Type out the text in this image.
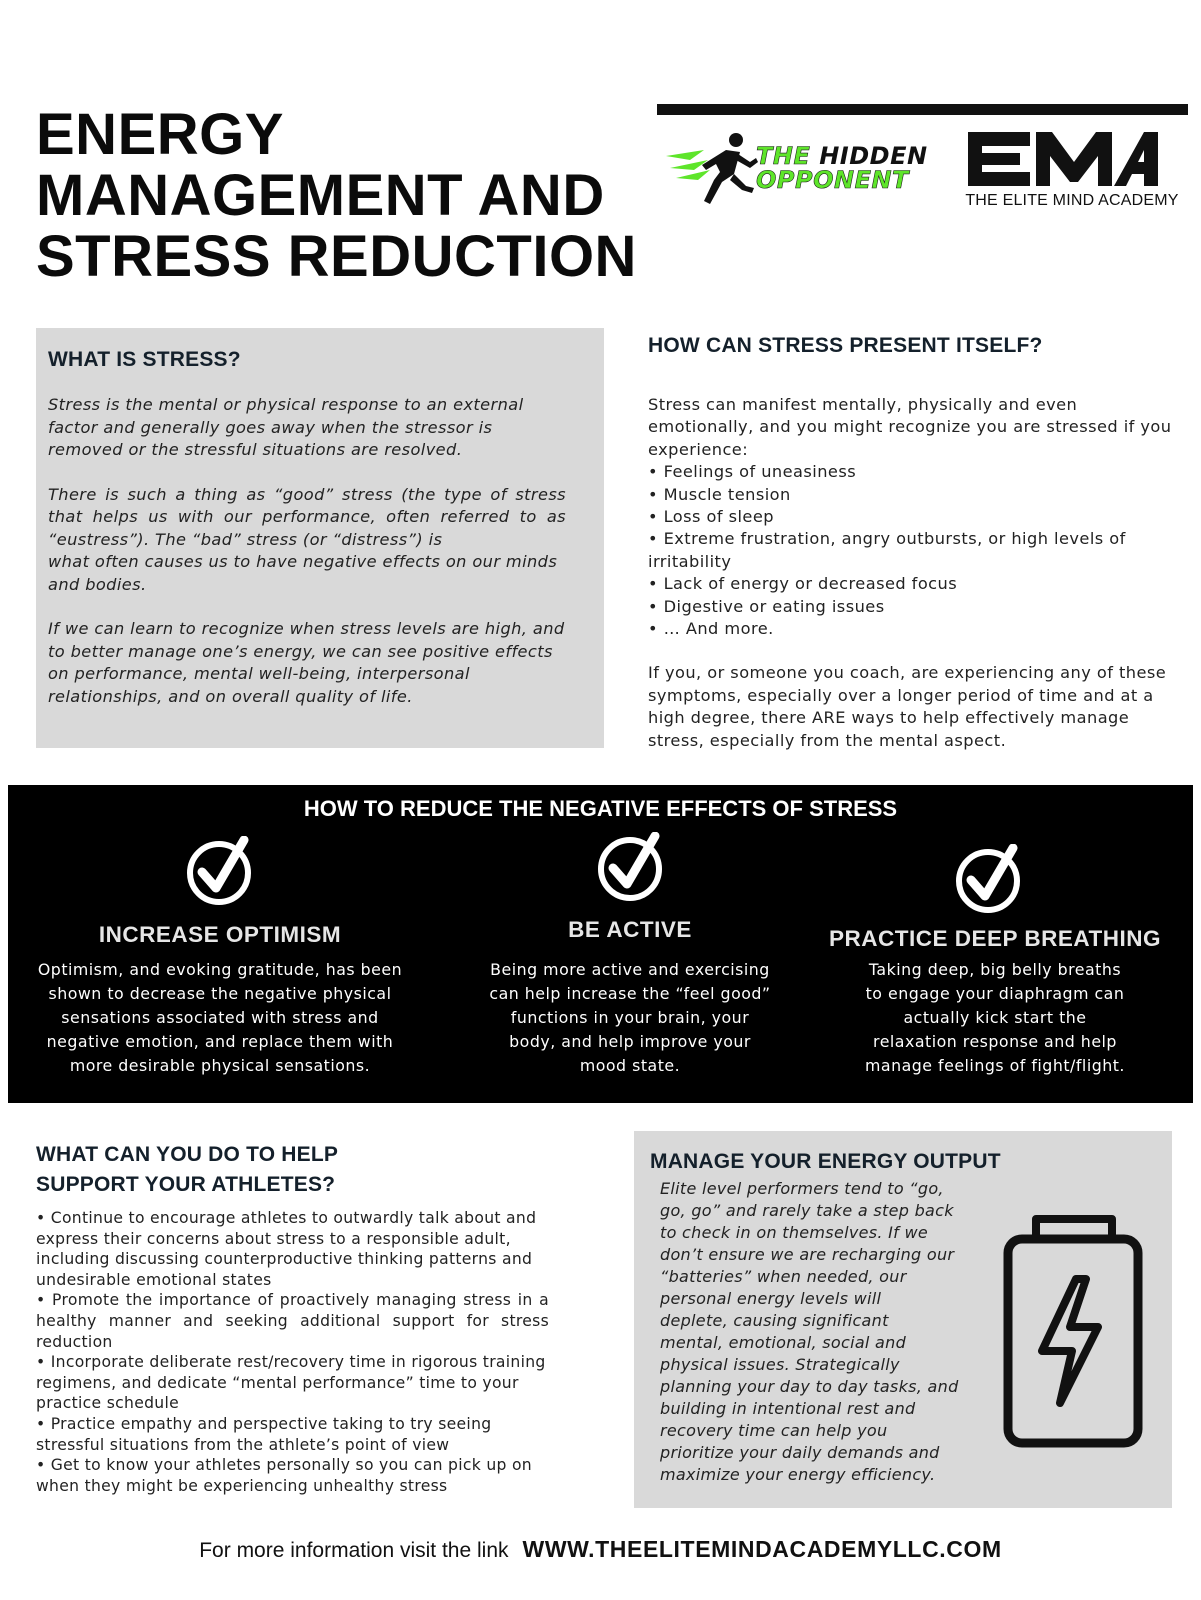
ENERGY
MANAGEMENT AND
STRESS REDUCTION
THE HIDDEN
OPPONENT
THE ELITE MIND ACADEMY
WHAT IS STRESS?

Stress is the mental or physical response to an external factor and generally goes away when the stressor is removed or the stressful situations are resolved.

There is such a thing as “good” stress (the type of stress that helps us with our performance, often referred to as “eustress”). The “bad” stress (or “distress”) is

what often causes us to have negative effects on our minds and bodies.

If we can learn to recognize when stress levels are high, and to better manage one’s energy, we can see positive effects on performance, mental well-being, interpersonal relationships, and on overall quality of life.

HOW CAN STRESS PRESENT ITSELF?
Stress can manifest mentally, physically and even emotionally, and you might recognize you are stressed if you experience:
• Feelings of uneasiness
• Muscle tension
• Loss of sleep
• Extreme frustration, angry outbursts, or high levels of irritability
• Lack of energy or decreased focus
• Digestive or eating issues
• … And more.
If you, or someone you coach, are experiencing any of these symptoms, especially over a longer period of time and at a high degree, there ARE ways to help effectively manage stress, especially from the mental aspect.
HOW TO REDUCE THE NEGATIVE EFFECTS OF STRESS
INCREASE OPTIMISM
Optimism, and evoking gratitude, has been
shown to decrease the negative physical
sensations associated with stress and
negative emotion, and replace them with
more desirable physical sensations.
BE ACTIVE
Being more active and exercising
can help increase the “feel good”
functions in your brain, your
body, and help improve your
mood state.
PRACTICE DEEP BREATHING
Taking deep, big belly breaths
to engage your diaphragm can
actually kick start the
relaxation response and help
manage feelings of fight/flight.
WHAT CAN YOU DO TO HELP
SUPPORT YOUR ATHLETES?
• Continue to encourage athletes to outwardly talk about and express their concerns about stress to a responsible adult, including discussing counterproductive thinking patterns and undesirable emotional states
• Promote the importance of proactively managing stress in a healthy manner and seeking additional support for stress reduction
• Incorporate deliberate rest/recovery time in rigorous training regimens, and dedicate “mental performance” time to your practice schedule
• Practice empathy and perspective taking to try seeing stressful situations from the athlete’s point of view
• Get to know your athletes personally so you can pick up on when they might be experiencing unhealthy stress
MANAGE YOUR ENERGY OUTPUT
Elite level performers tend to “go,
go, go” and rarely take a step back
to check in on themselves. If we
don’t ensure we are recharging our
“batteries” when needed, our
personal energy levels will
deplete, causing significant
mental, emotional, social and
physical issues. Strategically
planning your day to day tasks, and
building in intentional rest and
recovery time can help you
prioritize your daily demands and
maximize your energy efficiency.
For more information visit the link WWW.THEELITEMINDACADEMYLLC.COM
